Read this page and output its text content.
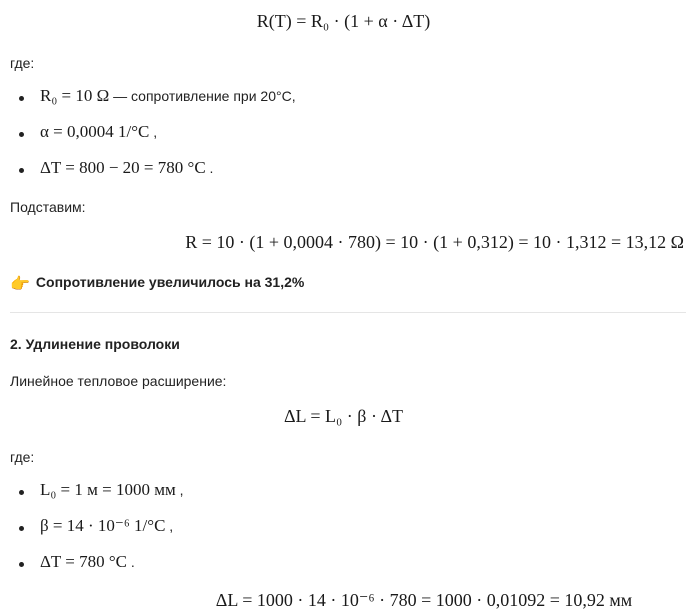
R(T) = R₀ · (1 + α · ΔT)
где:
R₀ = 10 Ω — сопротивление при 20°C,
α = 0,0004 1/°C ,
ΔT = 800 − 20 = 780 °C .
Подставим:
R = 10 · (1 + 0,0004 · 780) = 10 · (1 + 0,312) = 10 · 1,312 = 13,12 Ω
👉 Сопротивление увеличилось на 31,2%
2. Удлинение проволоки
Линейное тепловое расширение:
ΔL = L₀ · β · ΔT
где:
L₀ = 1 м = 1000 мм ,
β = 14 · 10⁻⁶ 1/°C ,
ΔT = 780 °C .
ΔL = 1000 · 14 · 10⁻⁶ · 780 = 1000 · 0,01092 = 10,92 мм
